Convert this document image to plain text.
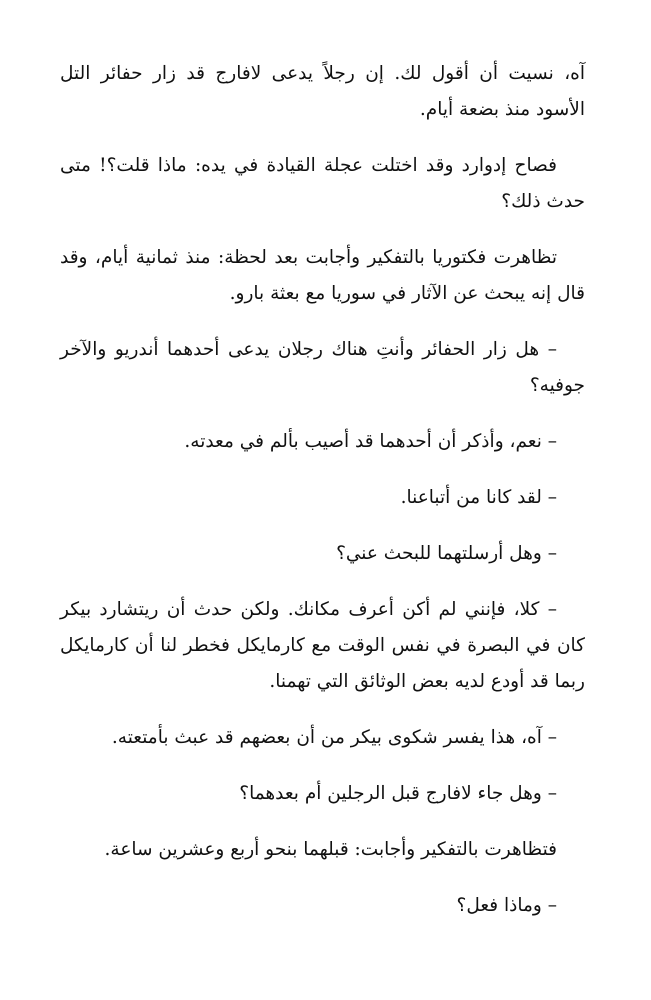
آه، نسيت أن أقول لك. إن رجلاً يدعى لافارج قد زار حفائر التل الأسود منذ بضعة أيام.

فصاح إدوارد وقد اختلت عجلة القيادة في يده: ماذا قلت؟! متى حدث ذلك؟

تظاهرت فكتوريا بالتفكير وأجابت بعد لحظة: منذ ثمانية أيام، وقد قال إنه يبحث عن الآثار في سوريا مع بعثة بارو.

– هل زار الحفائر وأنتِ هناك رجلان يدعى أحدهما أندريو والآخر جوفيه؟

– نعم، وأذكر أن أحدهما قد أصيب بألم في معدته.

– لقد كانا من أتباعنا.

– وهل أرسلتهما للبحث عني؟

– كلا، فإنني لم أكن أعرف مكانك. ولكن حدث أن ريتشارد بيكر كان في البصرة في نفس الوقت مع كارمايكل فخطر لنا أن كارمايكل ربما قد أودع لديه بعض الوثائق التي تهمنا.

– آه، هذا يفسر شكوى بيكر من أن بعضهم قد عبث بأمتعته.

– وهل جاء لافارج قبل الرجلين أم بعدهما؟

فتظاهرت بالتفكير وأجابت: قبلهما بنحو أربع وعشرين ساعة.

– وماذا فعل؟
